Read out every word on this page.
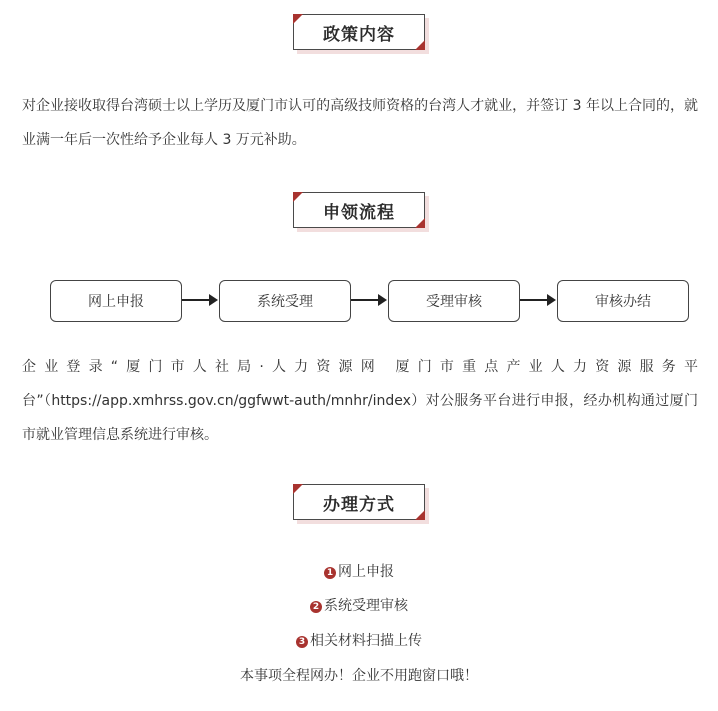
政策内容
对企业接收取得台湾硕士以上学历及厦门市认可的高级技师资格的台湾人才就业，并签订 3 年以上合同的，就业满一年后一次性给予企业每人 3 万元补助。
申领流程
网上申报	系统受理	受理审核	审核办结
企业登录“厦门市人社局·人力资源网 厦门市重点产业人力资源服务平台”（https://app.xmhrss.gov.cn/ggfwwt-auth/mnhr/index）对公服务平台进行申报，经办机构通过厦门市就业管理信息系统进行审核。
办理方式
1 网上申报
2 系统受理审核
3 相关材料扫描上传
本事项全程网办！企业不用跑窗口哦！
